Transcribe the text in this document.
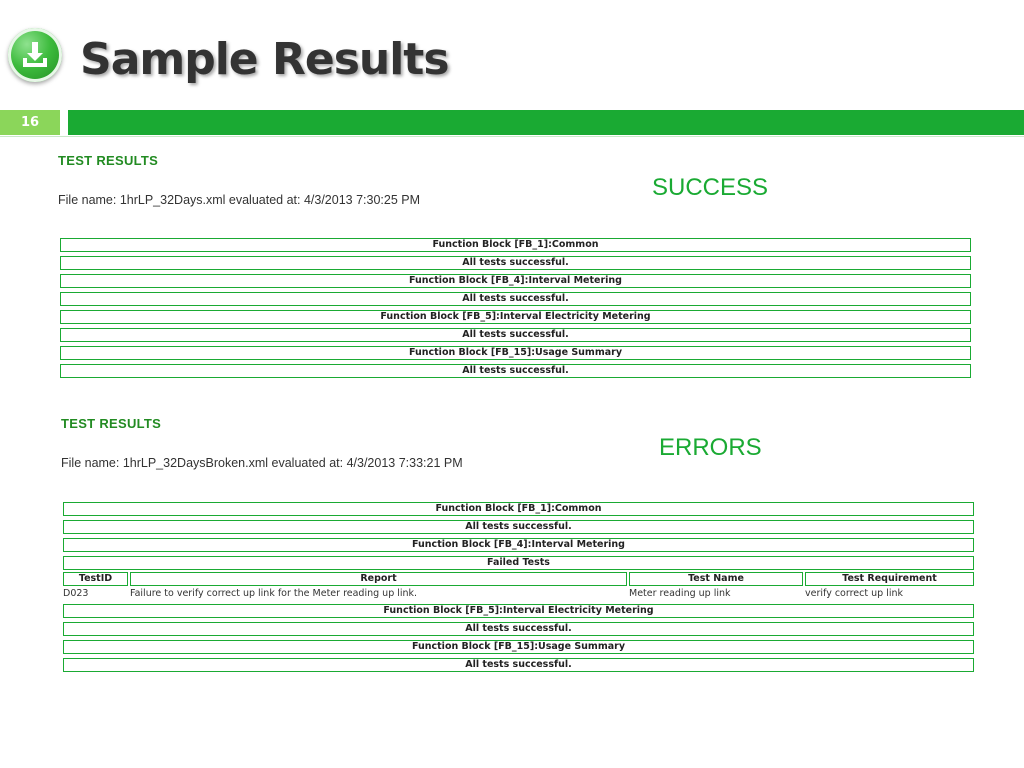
Sample Results
16
TEST RESULTS
File name: 1hrLP_32Days.xml evaluated at: 4/3/2013 7:30:25 PM	SUCCESS
Function Block [FB_1]:Common
All tests successful.
Function Block [FB_4]:Interval Metering
All tests successful.
Function Block [FB_5]:Interval Electricity Metering
All tests successful.
Function Block [FB_15]:Usage Summary
All tests successful.
TEST RESULTS
File name: 1hrLP_32DaysBroken.xml evaluated at: 4/3/2013 7:33:21 PM
ERRORS
Function Block [FB_1]:Common
All tests successful.
Function Block [FB_4]:Interval Metering
Failed Tests
TestID	Report	Test Name	Test Requirement
D023	Failure to verify correct up link for the Meter reading up link.	Meter reading up link	verify correct up link
Function Block [FB_5]:Interval Electricity Metering
All tests successful.
Function Block [FB_15]:Usage Summary
All tests successful.
